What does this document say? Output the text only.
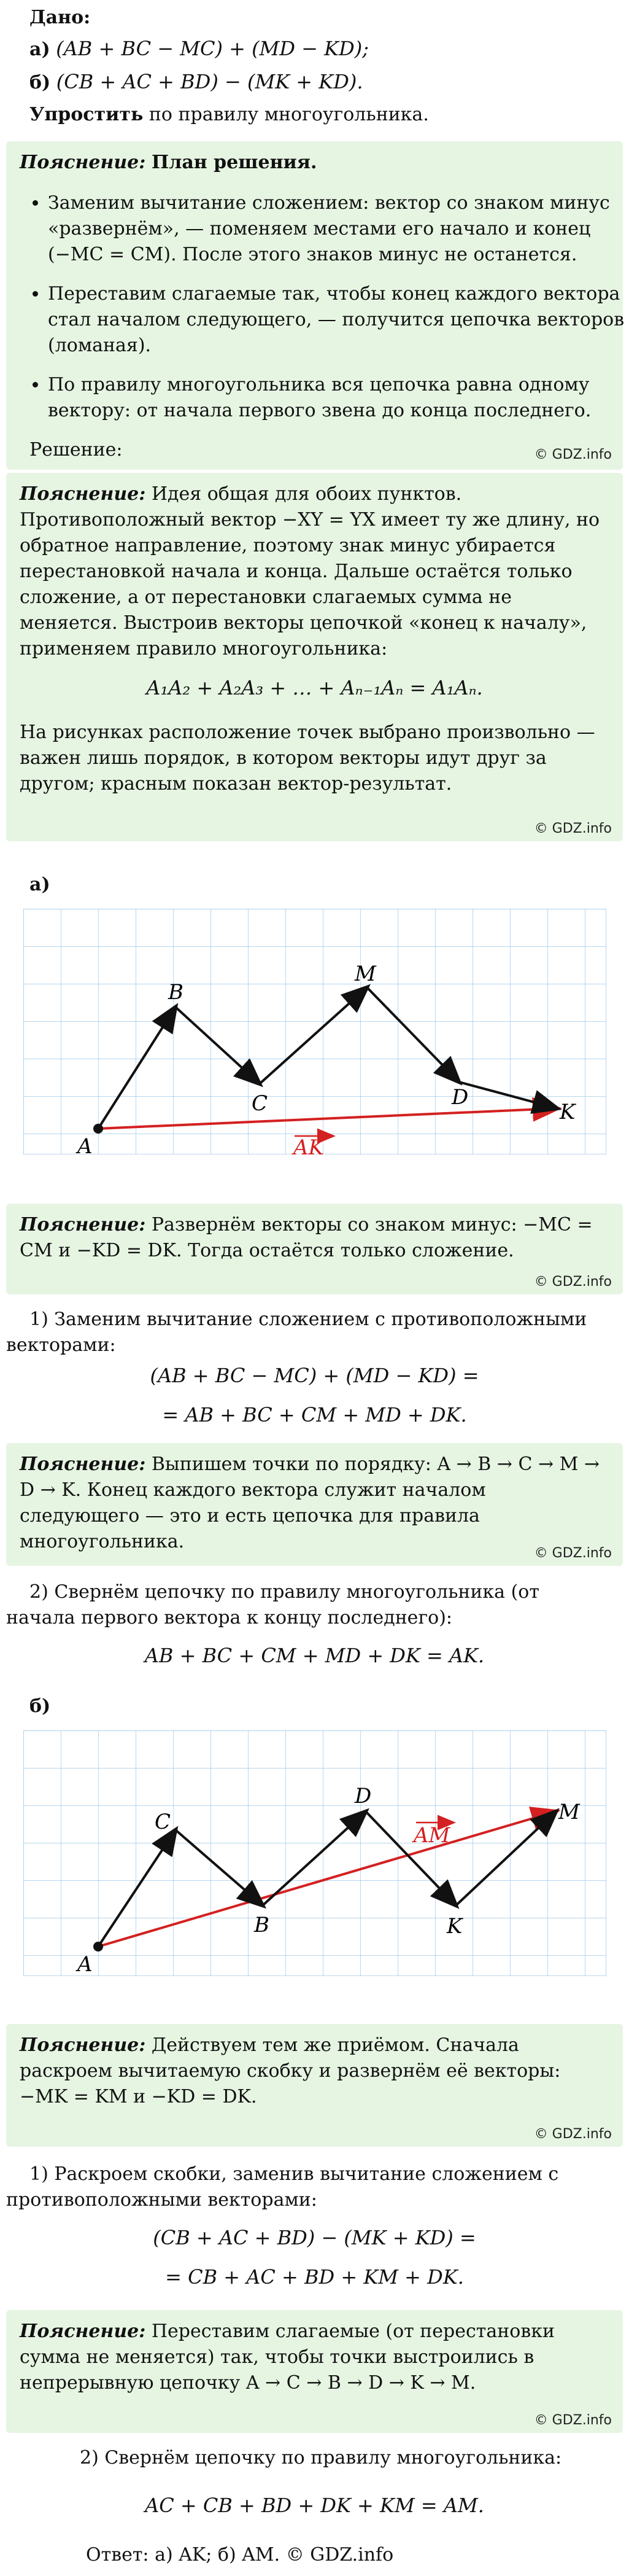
Дано:
а) (AB + BC − MC) + (MD − KD);
б) (CB + AC + BD) − (MK + KD).
Упростить по правилу многоугольника.
Пояснение: План решения.
• Заменим вычитание сложением: вектор со знаком минус «развернём», — поменяем местами его начало и конец (−MC = CM). После этого знаков минус не останется.
• Переставим слагаемые так, чтобы конец каждого вектора стал началом следующего, — получится цепочка векторов (ломаная).
• По правилу многоугольника вся цепочка равна одному вектору: от начала первого звена до конца последнего.
© GDZ.info
Решение:
Пояснение: Идея общая для обоих пунктов. Противоположный вектор −XY = YX имеет ту же длину, но обратное направление, поэтому знак минус убирается перестановкой начала и конца. Дальше остаётся только сложение, а от перестановки слагаемых сумма не меняется. Выстроив векторы цепочкой «конец к началу», применяем правило многоугольника:
A₁A₂ + A₂A₃ + … + Aₙ₋₁Aₙ = A₁Aₙ.
На рисунках расположение точек выбрано произвольно — важен лишь порядок, в котором векторы идут друг за другом; красным показан вектор-результат.
© GDZ.info
а)
A
B
C
M
D
K
AK
Пояснение: Развернём векторы со знаком минус: −MC = CM и −KD = DK. Тогда остаётся только сложение.
© GDZ.info
1) Заменим вычитание сложением с противоположными векторами:
(AB + BC − MC) + (MD − KD) =
= AB + BC + CM + MD + DK.
Пояснение: Выпишем точки по порядку: A → B → C → M → D → K. Конец каждого вектора служит началом следующего — это и есть цепочка для правила многоугольника.
© GDZ.info
2) Свернём цепочку по правилу многоугольника (от начала первого вектора к концу последнего):
AB + BC + CM + MD + DK = AK.
б)
A
C
B
D
K
M
AM
Пояснение: Действуем тем же приёмом. Сначала раскроем вычитаемую скобку и развернём её векторы: −MK = KM и −KD = DK.
© GDZ.info
1) Раскроем скобки, заменив вычитание сложением с противоположными векторами:
(CB + AC + BD) − (MK + KD) =
= CB + AC + BD + KM + DK.
Пояснение: Переставим слагаемые (от перестановки сумма не меняется) так, чтобы точки выстроились в непрерывную цепочку A → C → B → D → K → M.
© GDZ.info
2) Свернём цепочку по правилу многоугольника:
AC + CB + BD + DK + KM = AM.
Ответ: а) AK; б) AM. © GDZ.info
